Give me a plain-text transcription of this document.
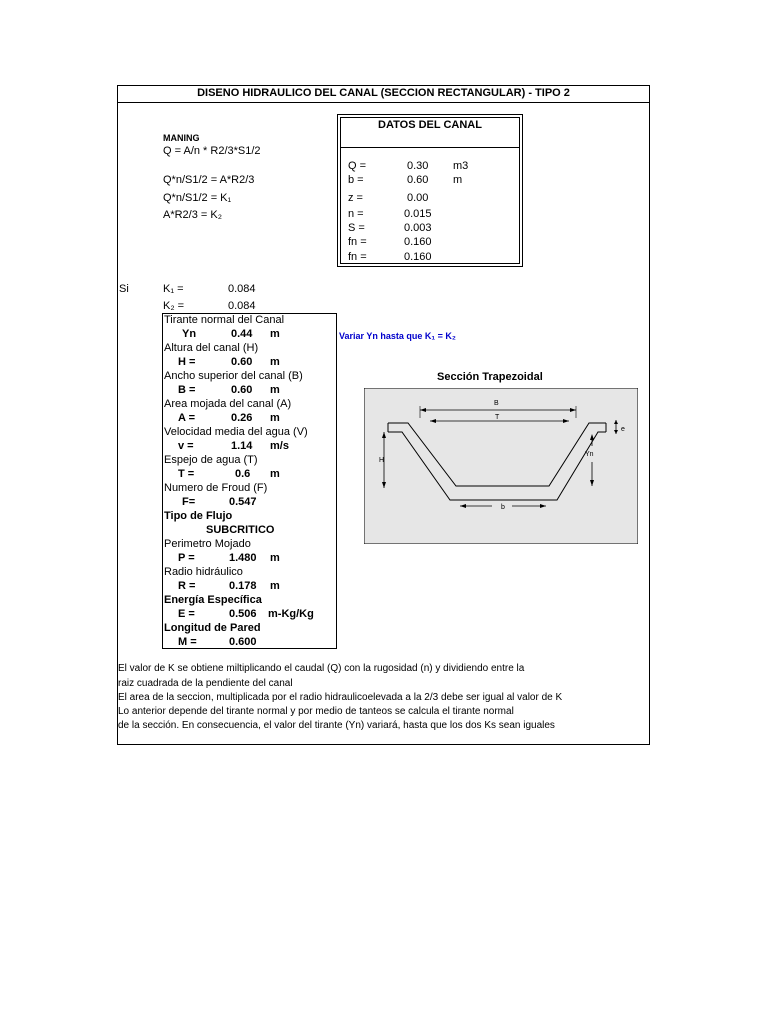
DISENO HIDRAULICO DEL CANAL (SECCION RECTANGULAR) - TIPO 2
MANING
Q = A/n * R2/3*S1/2
Q*n/S1/2 = A*R2/3
Q*n/S1/2 = K₁
A*R2/3 = K₂
DATOS DEL CANAL
Q =	0.30 m3
b =	0.60 m
z =	0.00
n =	0.015
S =	0.003
fn =	0.160
fn =	0.160
Si	K₁ =	0.084
K₂ =	0.084
Tirante normal del Canal
Yn	0.44 m
Altura del canal (H)
H =	0.60 m
Ancho superior del canal (B)
B =	0.60 m
Area mojada del canal (A)
A =	0.26 m
Velocidad media del agua (V)
v =	1.14 m/s
Espejo de agua (T)
T =	0.6 m
Numero de Froud (F)
F=	0.547
Tipo de Flujo
SUBCRITICO
Perimetro Mojado
P =	1.480 m
Radio hidráulico
R =	0.178 m
Energía Específica
E =	0.506 m-Kg/Kg
Longitud de Pared
M =	0.600
Variar Yn hasta que K₁ = K₂
Sección Trapezoidal
B
T
H
Yn
b
e
El valor de K se obtiene miltiplicando el caudal (Q) con la rugosidad (n) y dividiendo entre la
raiz cuadrada de la pendiente del canal
El area de la seccion, multiplicada por el radio hidraulicoelevada a la 2/3 debe ser igual al valor de K
Lo anterior depende del tirante normal y por medio de tanteos se calcula el tirante normal
de la sección. En consecuencia, el valor del tirante (Yn) variará, hasta que los dos Ks sean iguales
